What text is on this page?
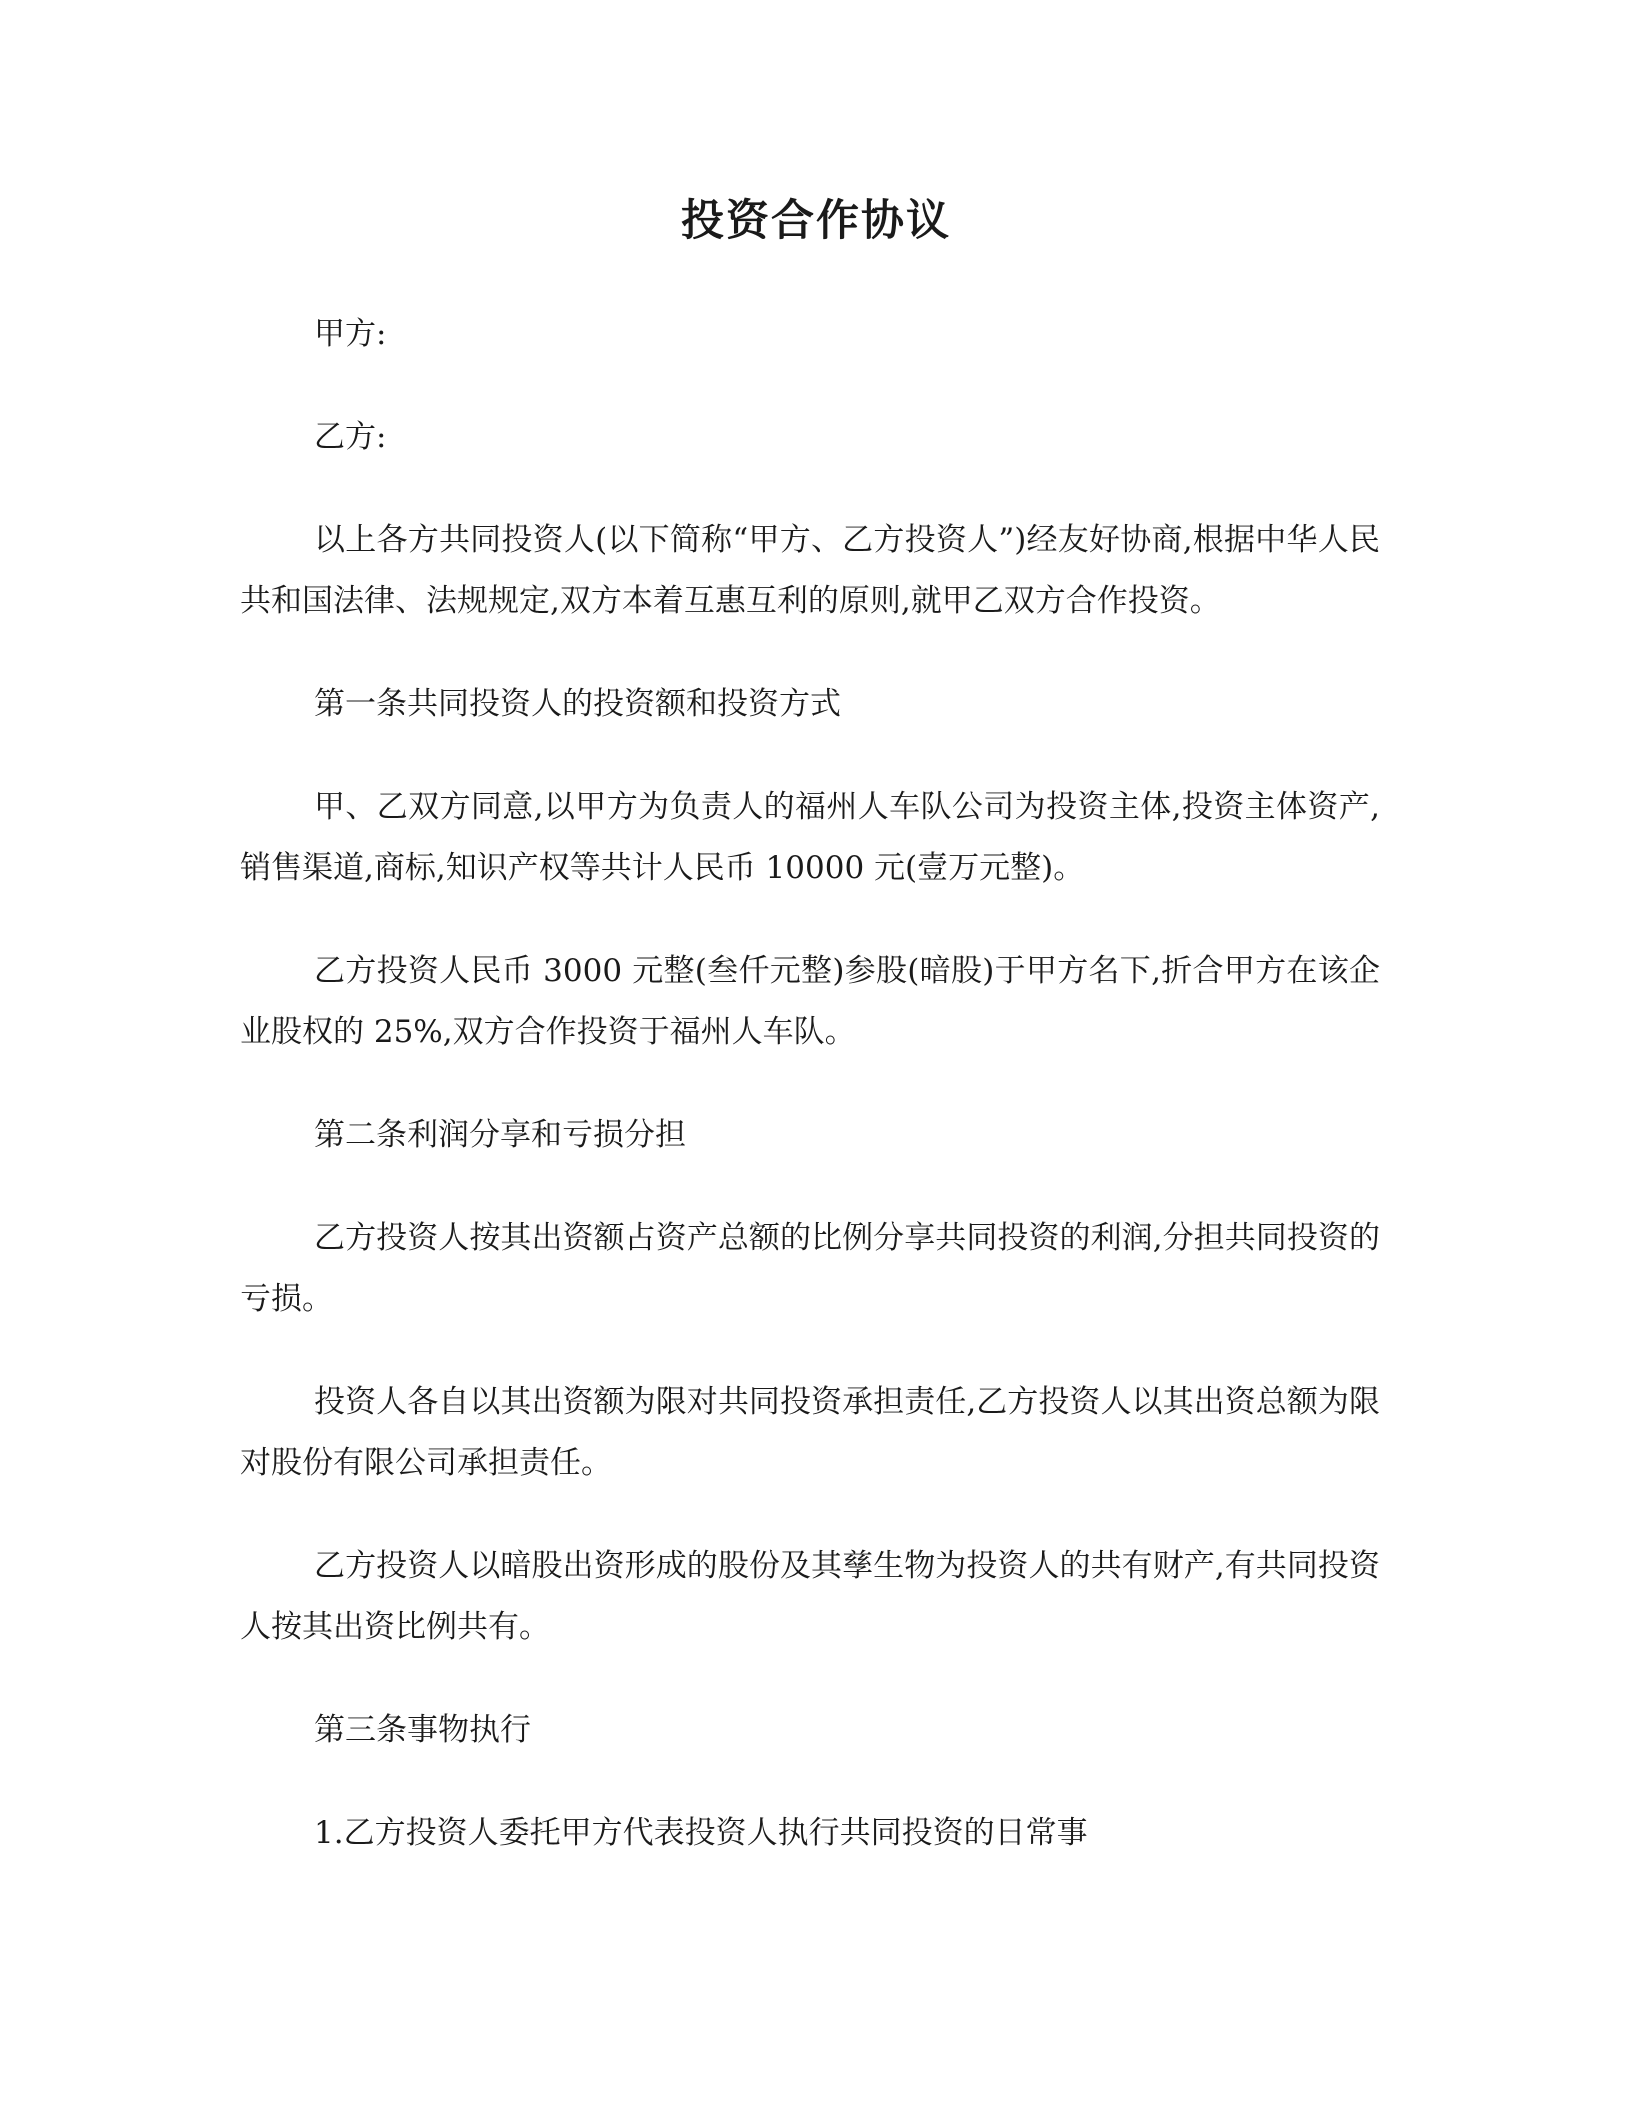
投资合作协议

甲方:

乙方:

以上各方共同投资人(以下简称“甲方、乙方投资人”)经友好协商,根据中华人民共和国法律、法规规定,双方本着互惠互利的原则,就甲乙双方合作投资。

第一条共同投资人的投资额和投资方式

甲、乙双方同意,以甲方为负责人的福州人车队公司为投资主体,投资主体资产,销售渠道,商标,知识产权等共计人民币 10000 元(壹万元整)。

乙方投资人民币 3000 元整(叁仟元整)参股(暗股)于甲方名下,折合甲方在该企业股权的 25%,双方合作投资于福州人车队。

第二条利润分享和亏损分担

乙方投资人按其出资额占资产总额的比例分享共同投资的利润,分担共同投资的亏损。

投资人各自以其出资额为限对共同投资承担责任,乙方投资人以其出资总额为限对股份有限公司承担责任。

乙方投资人以暗股出资形成的股份及其孳生物为投资人的共有财产,有共同投资人按其出资比例共有。

第三条事物执行

1.乙方投资人委托甲方代表投资人执行共同投资的日常事
